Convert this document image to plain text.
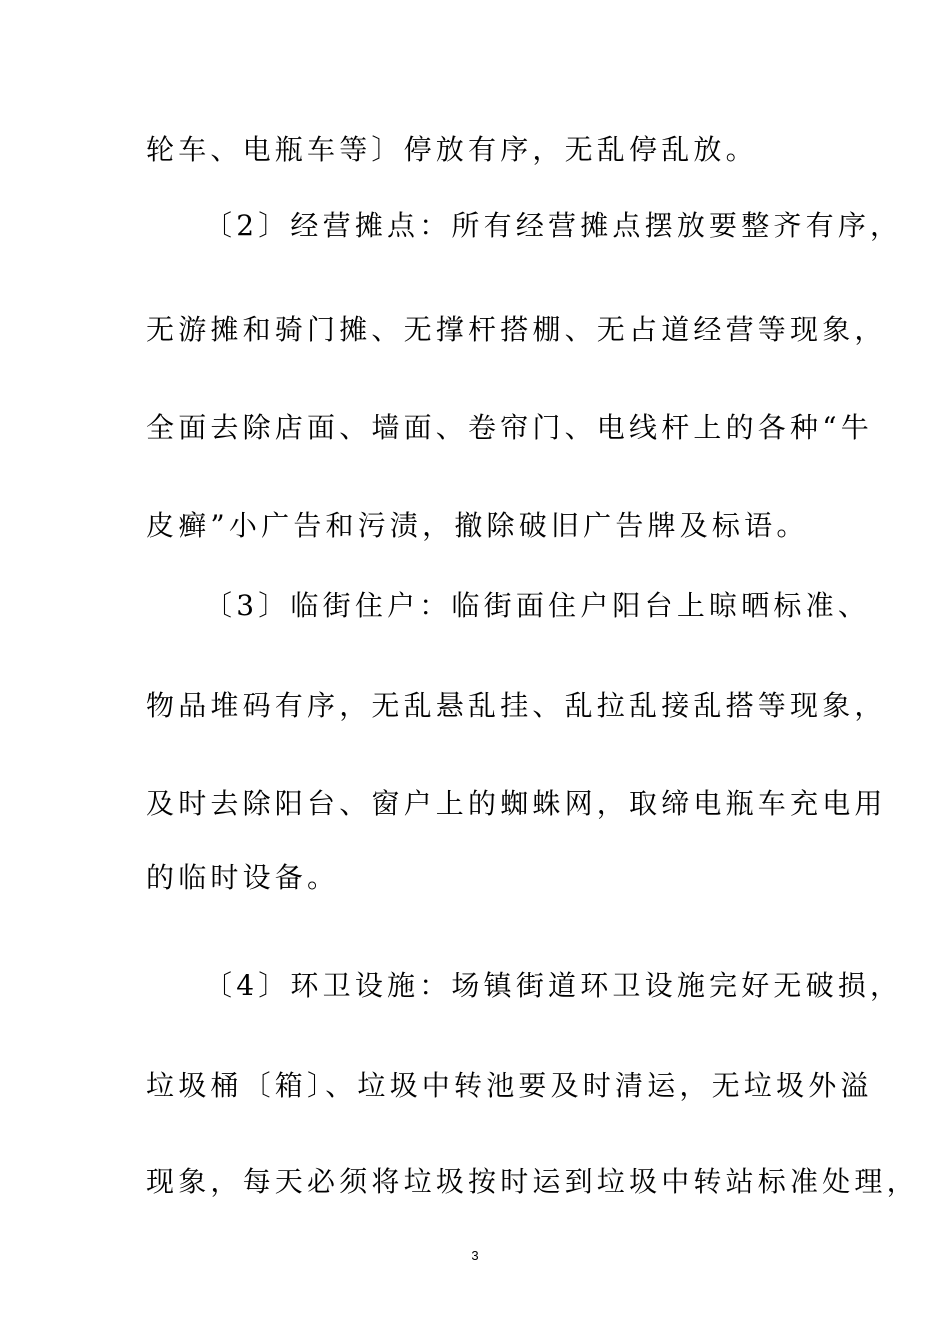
轮车、电瓶车等〕停放有序，无乱停乱放。
〔2〕经营摊点：所有经营摊点摆放要整齐有序，
无游摊和骑门摊、无撑杆搭棚、无占道经营等现象，
全面去除店面、墙面、卷帘门、电线杆上的各种“牛
皮癣”小广告和污渍，撤除破旧广告牌及标语。
〔3〕临街住户：临街面住户阳台上晾晒标准、
物品堆码有序，无乱悬乱挂、乱拉乱接乱搭等现象，
及时去除阳台、窗户上的蜘蛛网，取缔电瓶车充电用
的临时设备。
〔4〕环卫设施：场镇街道环卫设施完好无破损，
垃圾桶〔箱〕、垃圾中转池要及时清运，无垃圾外溢
现象，每天必须将垃圾按时运到垃圾中转站标准处理，
3
